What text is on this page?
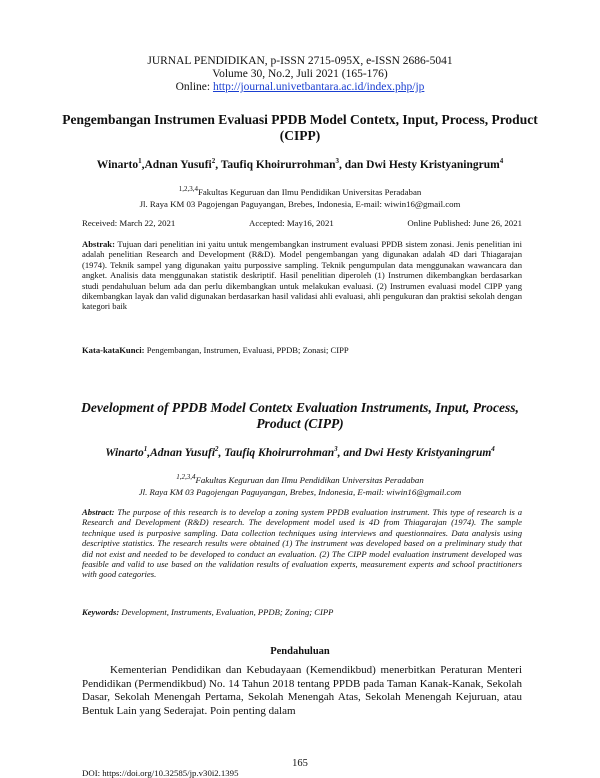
JURNAL PENDIDIKAN, p-ISSN 2715-095X, e-ISSN 2686-5041
Volume 30, No.2, Juli 2021 (165-176)
Online: http://journal.univetbantara.ac.id/index.php/jp
Pengembangan Instrumen Evaluasi PPDB Model Contetx, Input, Process, Product (CIPP)
Winarto$^1$,Adnan Yusufi$^2$, Taufiq Khoirurrohman$^3$, dan Dwi Hesty Kristyaningrum$^4$
$^{1,2,3,4}$Fakultas Keguruan dan Ilmu Pendidikan Universitas Peradaban
Jl. Raya KM 03 Pagojengan Paguyangan, Brebes, Indonesia, E-mail: wiwin16@gmail.com
Received: March 22, 2021	Accepted: May16, 2021	Online Published: June 26, 2021
Abstrak: Tujuan dari penelitian ini yaitu untuk mengembangkan instrument evaluasi PPDB sistem zonasi. Jenis penelitian ini adalah penelitian Research and Development (R&D). Model pengembangan yang digunakan adalah 4D dari Thiagarajan (1974). Teknik sampel yang digunakan yaitu purpossive sampling. Teknik pengumpulan data menggunakan wawancara dan angket. Analisis data menggunakan statistik deskriptif. Hasil penelitian diperoleh (1) Instrumen dikembangkan berdasarkan studi pendahuluan belum ada dan perlu dikembangkan untuk melakukan evaluasi. (2) Instrumen evaluasi model CIPP yang dikembangkan layak dan valid digunakan berdasarkan hasil validasi ahli evaluasi, ahli pengukuran dan praktisi sekolah dengan kategori baik
Kata-kataKunci: Pengembangan, Instrumen, Evaluasi, PPDB; Zonasi; CIPP
Development of PPDB Model Contetx Evaluation Instruments, Input, Process, Product (CIPP)
Winarto$^1$,Adnan Yusufi$^2$, Taufiq Khoirurrohman$^3$, and Dwi Hesty Kristyaningrum$^4$
$^{1,2,3,4}$Fakultas Keguruan dan Ilmu Pendidikan Universitas Peradaban
Jl. Raya KM 03 Pagojengan Paguyangan, Brebes, Indonesia, E-mail: wiwin16@gmail.com
Abstract: The purpose of this research is to develop a zoning system PPDB evaluation instrument. This type of research is a Research and Development (R&D) research. The development model used is 4D from Thiagarajan (1974). The sample technique used is purposive sampling. Data collection techniques using interviews and questionnaires. Data analysis using descriptive statistics. The research results were obtained (1) The instrument was developed based on a preliminary study that did not exist and needed to be developed to conduct an evaluation. (2) The CIPP model evaluation instrument developed was feasible and valid to use based on the validation results of evaluation experts, measurement experts and school practitioners with good categories.
Keywords: Development, Instruments, Evaluation, PPDB; Zoning; CIPP
Pendahuluan
Kementerian Pendidikan dan Kebudayaan (Kemendikbud) menerbitkan Peraturan Menteri Pendidikan (Permendikbud) No. 14 Tahun 2018 tentang PPDB pada Taman Kanak-Kanak, Sekolah Dasar, Sekolah Menengah Pertama, Sekolah Menengah Atas, Sekolah Menengah Kejuruan, atau Bentuk Lain yang Sederajat. Poin penting dalam
165
DOI: https://doi.org/10.32585/jp.v30i2.1395
